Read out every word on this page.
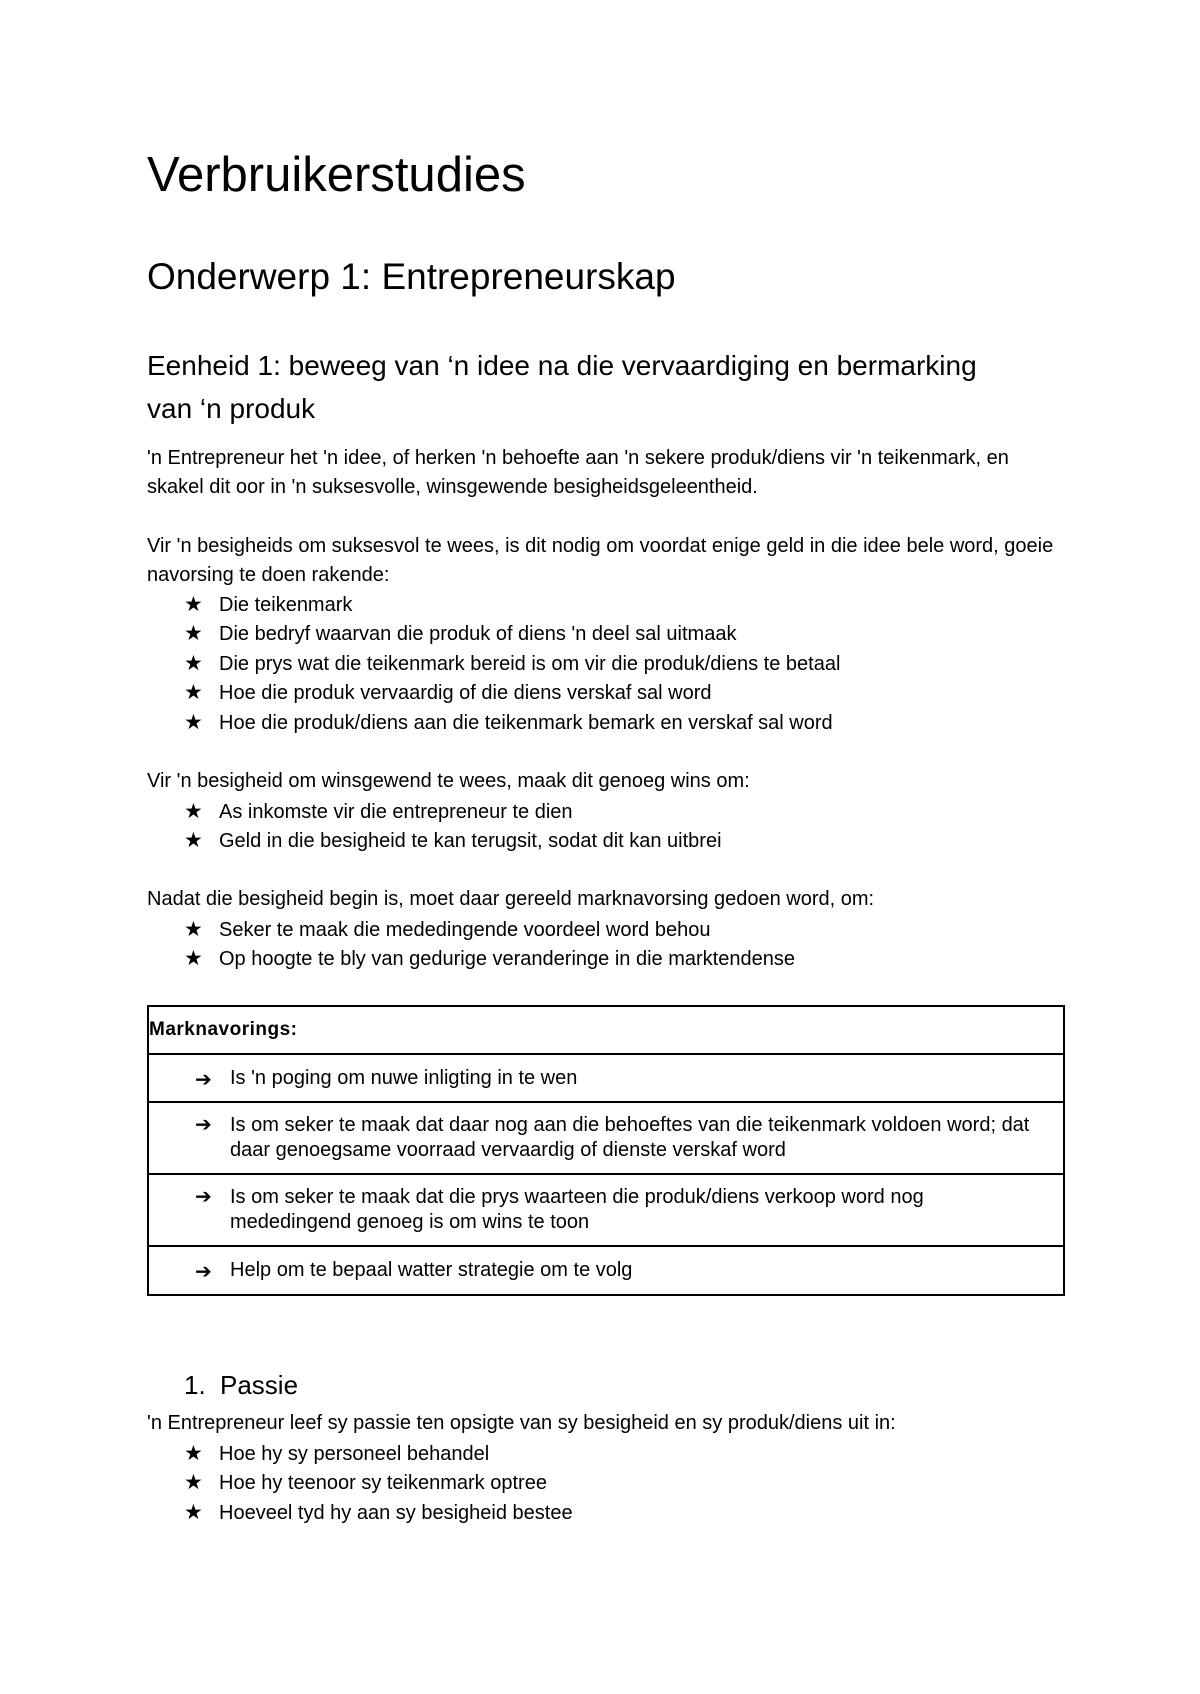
Verbruikerstudies
Onderwerp 1: Entrepreneurskap
Eenheid 1: beweeg van ‘n idee na die vervaardiging en bermarking van ‘n produk

'n Entrepreneur het 'n idee, of herken 'n behoefte aan 'n sekere produk/diens vir 'n teikenmark, en skakel dit oor in 'n suksesvolle, winsgewende besigheidsgeleentheid.

Vir 'n besigheids om suksesvol te wees, is dit nodig om voordat enige geld in die idee bele word, goeie navorsing te doen rakende:

★ Die teikenmark
★ Die bedryf waarvan die produk of diens 'n deel sal uitmaak
★ Die prys wat die teikenmark bereid is om vir die produk/diens te betaal
★ Hoe die produk vervaardig of die diens verskaf sal word
★ Hoe die produk/diens aan die teikenmark bemark en verskaf sal word

Vir 'n besigheid om winsgewend te wees, maak dit genoeg wins om:

★ As inkomste vir die entrepreneur te dien
★ Geld in die besigheid te kan terugsit, sodat dit kan uitbrei

Nadat die besigheid begin is, moet daar gereeld marknavorsing gedoen word, om:

★ Seker te maak die mededingende voordeel word behou
★ Op hoogte te bly van gedurige veranderinge in die marktendense
Marknavorings:

➔ Is 'n poging om nuwe inligting in te wen

➔ Is om seker te maak dat daar nog aan die behoeftes van die teikenmark voldoen word; dat daar genoegsame voorraad vervaardig of dienste verskaf word

➔ Is om seker te maak dat die prys waarteen die produk/diens verkoop word nog mededingend genoeg is om wins te toon

➔ Help om te bepaal watter strategie om te volg
1. Passie

'n Entrepreneur leef sy passie ten opsigte van sy besigheid en sy produk/diens uit in:

★ Hoe hy sy personeel behandel
★ Hoe hy teenoor sy teikenmark optree
★ Hoeveel tyd hy aan sy besigheid bestee
